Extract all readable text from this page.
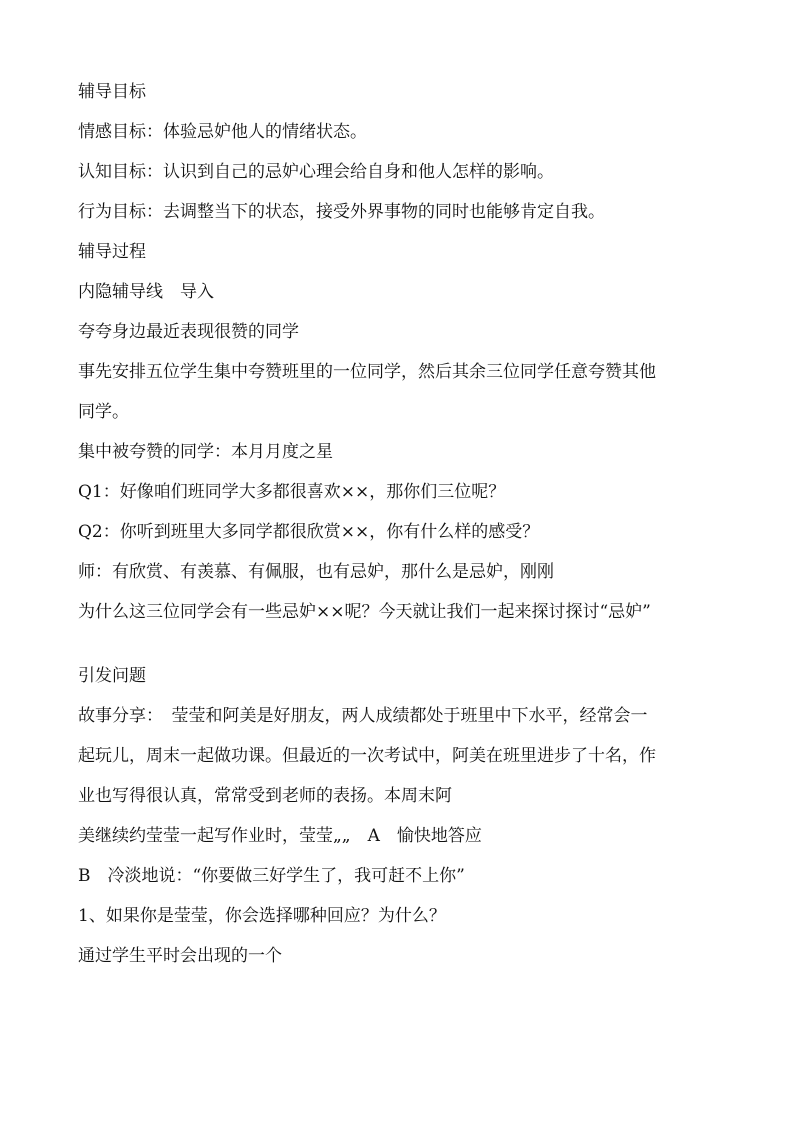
辅导目标

情感目标：体验忌妒他人的情绪状态。

认知目标：认识到自己的忌妒心理会给自身和他人怎样的影响。

行为目标：去调整当下的状态，接受外界事物的同时也能够肯定自我。

辅导过程

内隐辅导线　导入

夸夸身边最近表现很赞的同学

事先安排五位学生集中夸赞班里的一位同学，然后其余三位同学任意夸赞其他

同学。

集中被夸赞的同学：本月月度之星

Q1：好像咱们班同学大多都很喜欢××，那你们三位呢？

Q2：你听到班里大多同学都很欣赏××，你有什么样的感受？

师：有欣赏、有羡慕、有佩服，也有忌妒，那什么是忌妒，刚刚

为什么这三位同学会有一些忌妒××呢？今天就让我们一起来探讨探讨“忌妒”

引发问题

故事分享：　莹莹和阿美是好朋友，两人成绩都处于班里中下水平，经常会一

起玩儿，周末一起做功课。但最近的一次考试中，阿美在班里进步了十名，作

业也写得很认真，常常受到老师的表扬。本周末阿

美继续约莹莹一起写作业时，莹莹„„　A　愉快地答应

B　冷淡地说：“你要做三好学生了，我可赶不上你”

1、如果你是莹莹，你会选择哪种回应？为什么？

通过学生平时会出现的一个
